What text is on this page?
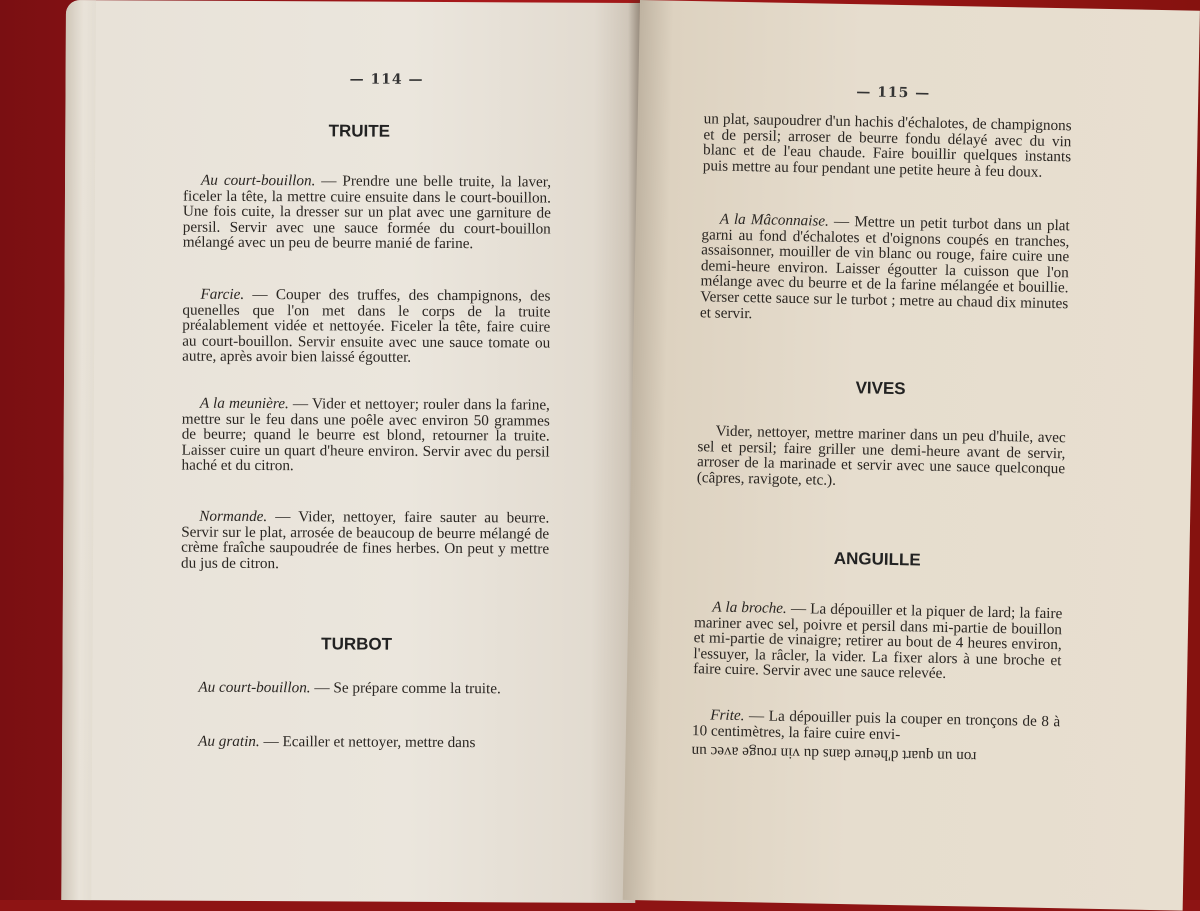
— 114 —
TRUITE
Au court-bouillon. — Prendre une belle truite, la laver, ficeler la tête, la mettre cuire ensuite dans le court-bouillon. Une fois cuite, la dresser sur un plat avec une garniture de persil. Servir avec une sauce formée du court-bouillon mélangé avec un peu de beurre manié de farine.
Farcie. — Couper des truffes, des champignons, des quenelles que l'on met dans le corps de la truite préalablement vidée et nettoyée. Ficeler la tête, faire cuire au court-bouillon. Servir ensuite avec une sauce tomate ou autre, après avoir bien laissé égoutter.
A la meunière. — Vider et nettoyer; rouler dans la farine, mettre sur le feu dans une poêle avec environ 50 grammes de beurre; quand le beurre est blond, retourner la truite. Laisser cuire un quart d'heure environ. Servir avec du persil haché et du citron.
Normande. — Vider, nettoyer, faire sauter au beurre. Servir sur le plat, arrosée de beaucoup de beurre mélangé de crème fraîche saupoudrée de fines herbes. On peut y mettre du jus de citron.
TURBOT
Au court-bouillon. — Se prépare comme la truite.
Au gratin. — Ecailler et nettoyer, mettre dans
— 115 —
un plat, saupoudrer d'un hachis d'échalotes, de champignons et de persil; arroser de beurre fondu délayé avec du vin blanc et de l'eau chaude. Faire bouillir quelques instants puis mettre au four pendant une petite heure à feu doux.
A la Mâconnaise. — Mettre un petit turbot dans un plat garni au fond d'échalotes et d'oignons coupés en tranches, assaisonner, mouiller de vin blanc ou rouge, faire cuire une demi-heure environ. Laisser égoutter la cuisson que l'on mélange avec du beurre et de la farine mélangée et bouillie. Verser cette sauce sur le turbot ; metre au chaud dix minutes et servir.
VIVES
Vider, nettoyer, mettre mariner dans un peu d'huile, avec sel et persil; faire griller une demi-heure avant de servir, arroser de la marinade et servir avec une sauce quelconque (câpres, ravigote, etc.).
ANGUILLE
A la broche. — La dépouiller et la piquer de lard; la faire mariner avec sel, poivre et persil dans mi-partie de bouillon et mi-partie de vinaigre; retirer au bout de 4 heures environ, l'essuyer, la râcler, la vider. La fixer alors à une broche et faire cuire. Servir avec une sauce relevée.
Frite. — La dépouiller puis la couper en tronçons de 8 à 10 centimètres, la faire cuire envi-
ron un quart d'heure dans du vin rouge avec un
